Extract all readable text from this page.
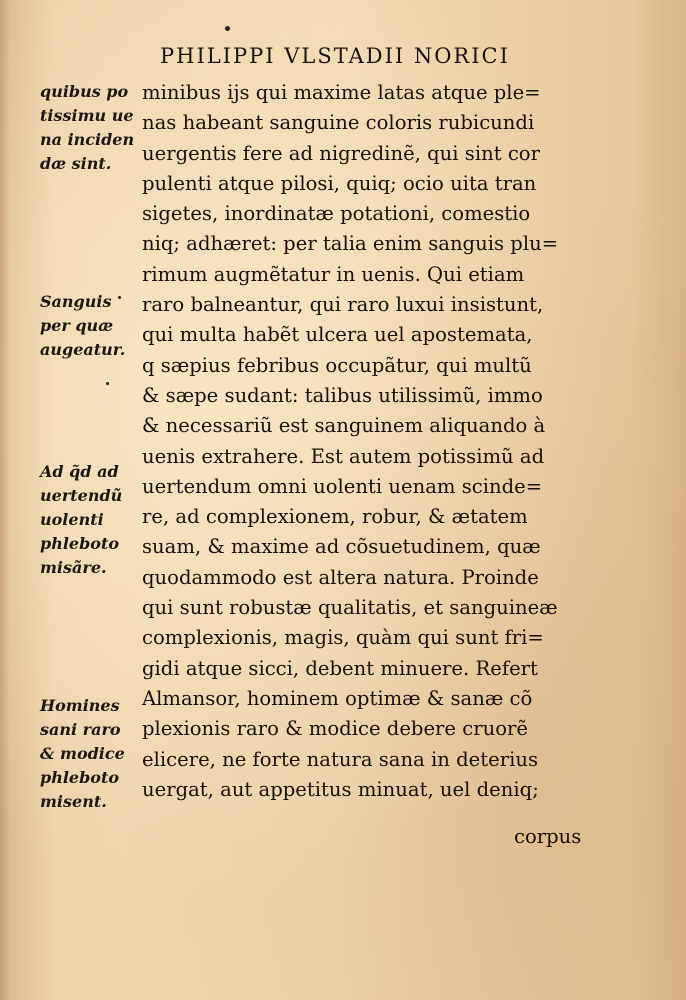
PHILIPPI VLSTADII NORICI
quibus po
tissimu ue
na inciden
dæ sint.
Sanguis
per quæ
augeatur.
Ad q̃d ad
uertendũ
uolenti
phleboto
misãre.
Homines
sani raro
& modice
phleboto
misent.
minibus ijs qui maxime latas atque ple=
nas habeant sanguine coloris rubicundi
uergentis fere ad nigredinẽ, qui sint cor
pulenti atque pilosi, quiq; ocio uita tran
sigetes, inordinatæ potationi, comestio
niq; adhæret: per talia enim sanguis plu=
rimum augmẽtatur in uenis. Qui etiam
raro balneantur, qui raro luxui insistunt,
qui multa habẽt ulcera uel apostemata,
q sæpius febribus occupãtur, qui multũ
& sæpe sudant: talibus utilissimũ, immo
& necessariũ est sanguinem aliquando à
uenis extrahere. Est autem potissimũ ad
uertendum omni uolenti uenam scinde=
re, ad complexionem, robur, & ætatem
suam, & maxime ad cõsuetudinem, quæ
quodammodo est altera natura. Proinde
qui sunt robustæ qualitatis, et sanguineæ
complexionis, magis, quàm qui sunt fri=
gidi atque sicci, debent minuere. Refert
Almansor, hominem optimæ & sanæ cõ
plexionis raro & modice debere cruorẽ
elicere, ne forte natura sana in deterius
uergat, aut appetitus minuat, uel deniq;
corpus
